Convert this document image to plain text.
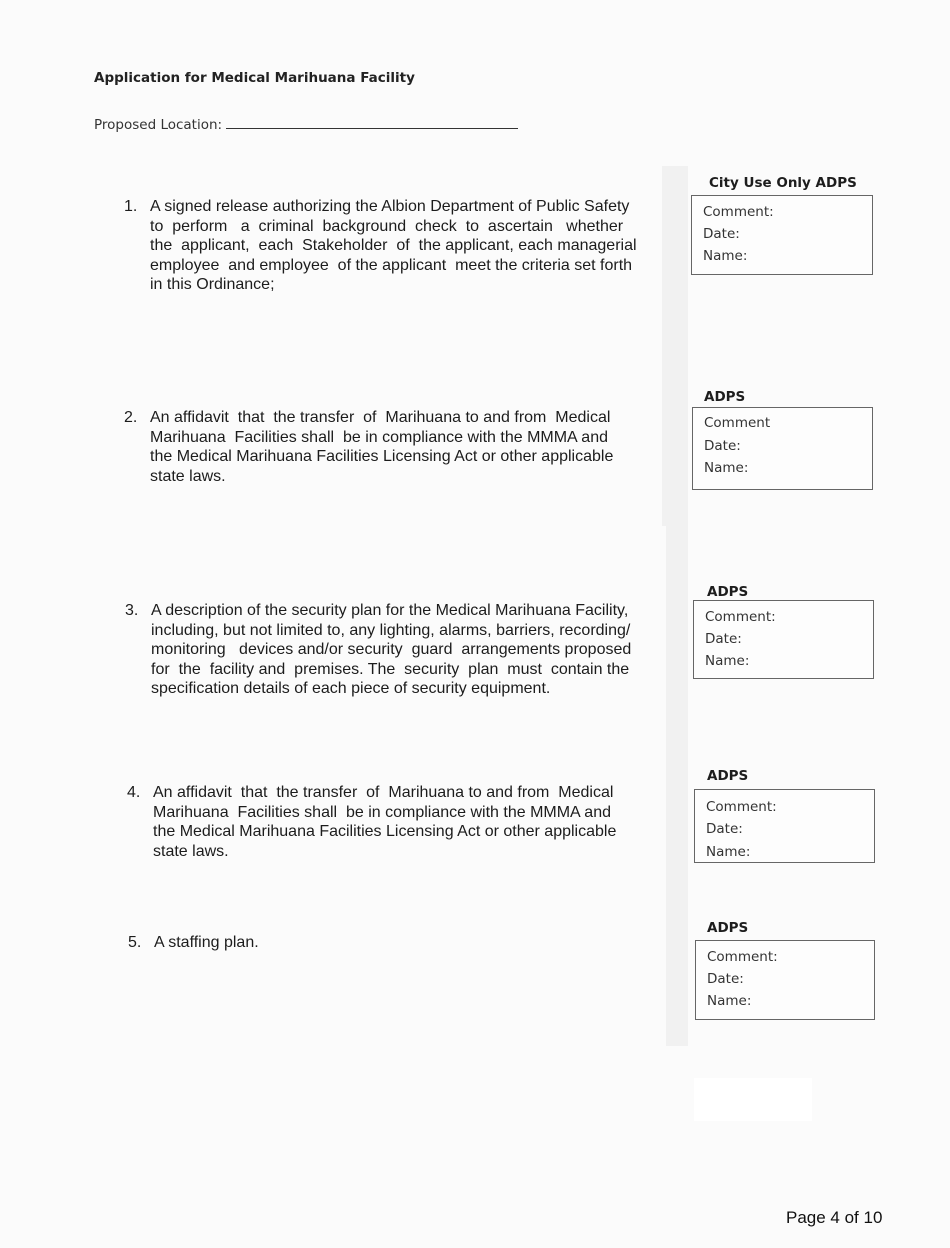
Application for Medical Marihuana Facility
Proposed Location:
1. A signed release authorizing the Albion Department of Public Safety
to  perform   a  criminal  background  check  to  ascertain   whether
the  applicant,  each  Stakeholder  of  the applicant, each managerial
employee  and employee  of the applicant  meet the criteria set forth
in this Ordinance;
2. An affidavit  that  the transfer  of  Marihuana to and from  Medical
Marihuana  Facilities shall  be in compliance with the MMMA and
the Medical Marihuana Facilities Licensing Act or other applicable
state laws.
3. A description of the security plan for the Medical Marihuana Facility,
including, but not limited to, any lighting, alarms, barriers, recording/
monitoring   devices and/or security  guard  arrangements proposed
for  the  facility and  premises. The  security  plan  must  contain the
specification details of each piece of security equipment.
4. An affidavit  that  the transfer  of  Marihuana to and from  Medical
Marihuana  Facilities shall  be in compliance with the MMMA and
the Medical Marihuana Facilities Licensing Act or other applicable
state laws.
5. A staffing plan.
City Use Only ADPS
Comment:
Date:
Name:
ADPS
Comment
Date:
Name:
ADPS
Comment:
Date:
Name:
ADPS
Comment:
Date:
Name:
ADPS
Comment:
Date:
Name:
Page 4 of 10
